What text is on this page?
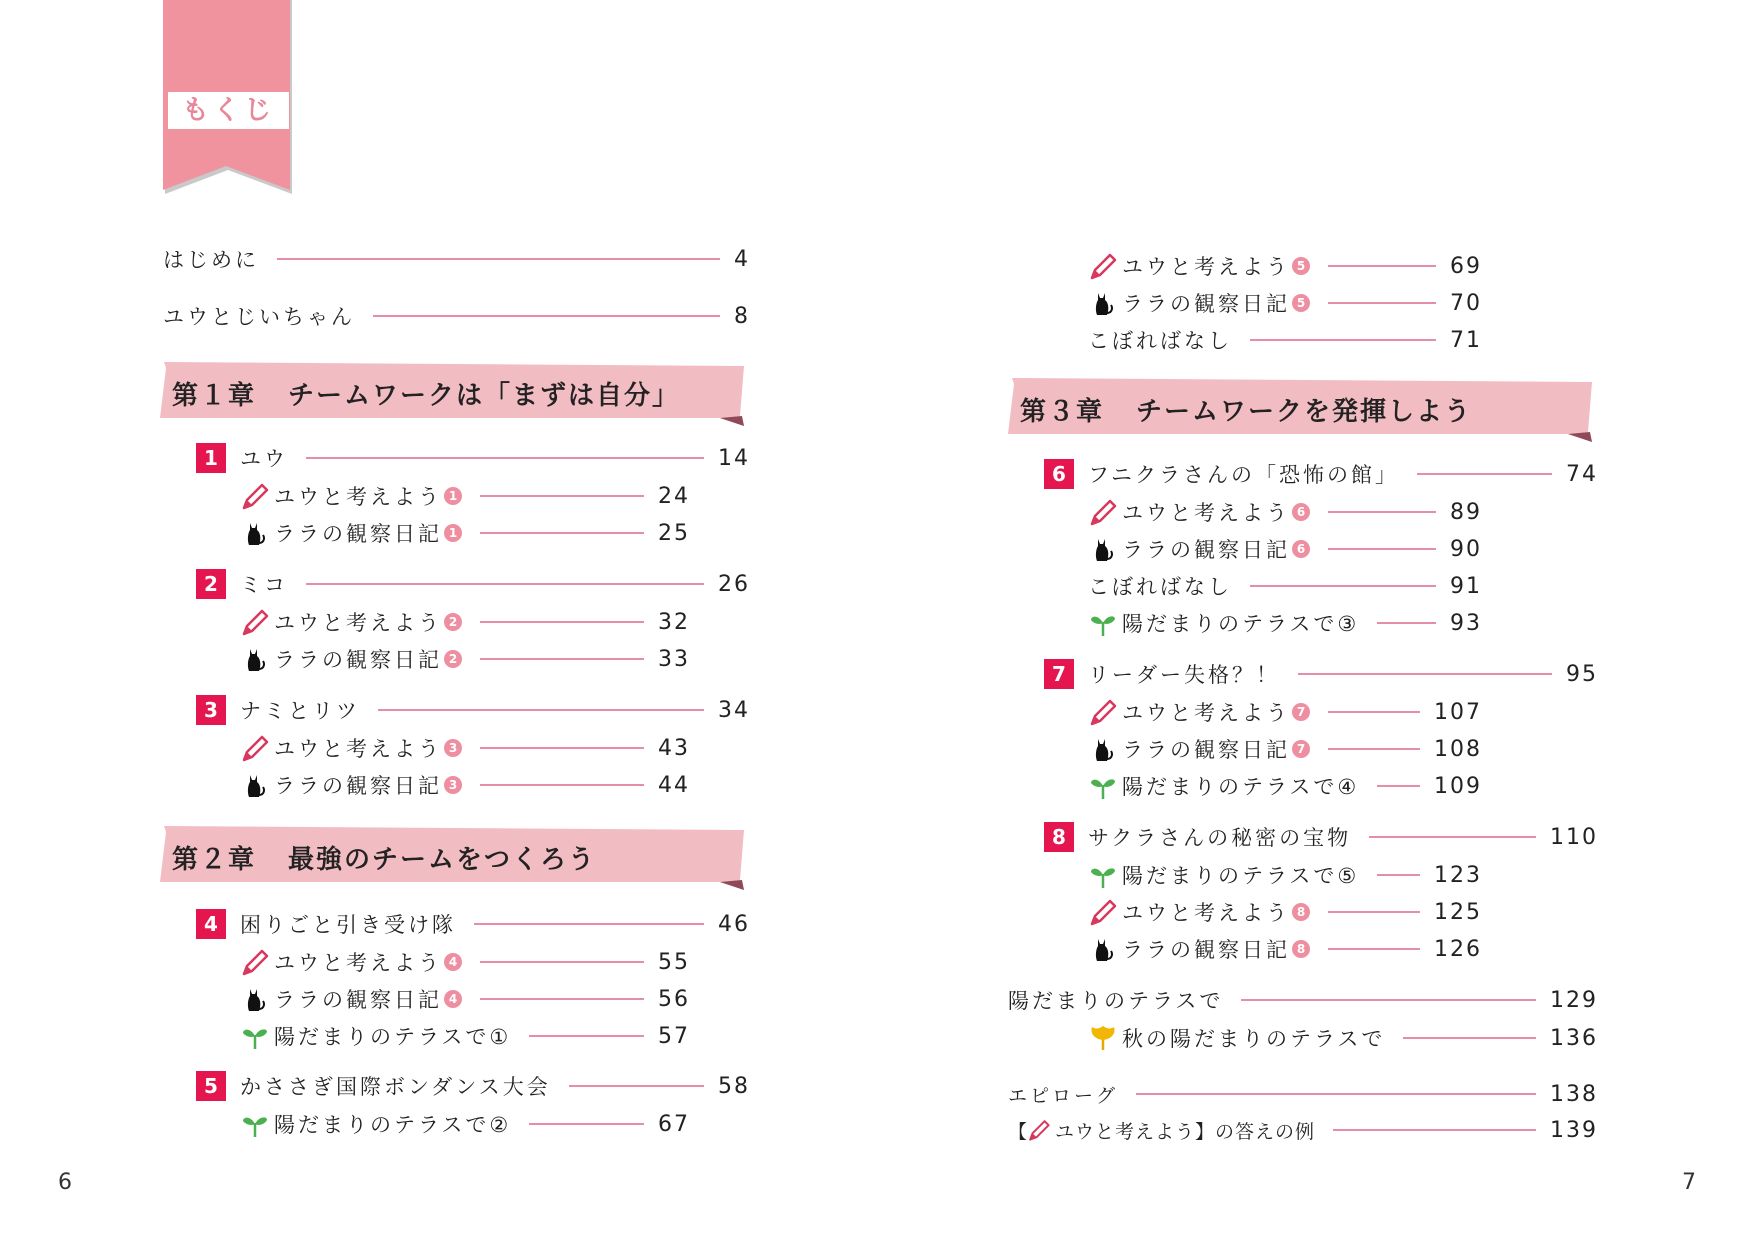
もくじ
はじめに	4
ユウとじいちゃん	8
第１章 チームワークは「まずは自分」
1	ユウ	14
ユウと考えよう 1	24
ララの観察日記 1	25
2	ミコ	26
ユウと考えよう 2	32
ララの観察日記 2	33
3	ナミとリツ	34
ユウと考えよう 3	43
ララの観察日記 3	44
第２章 最強のチームをつくろう
4	困りごと引き受け隊	46
ユウと考えよう 4	55
ララの観察日記 4	56
陽だまりのテラスで①	57
5	かささぎ国際ボンダンス大会	58
陽だまりのテラスで②	67
6
ユウと考えよう 5	69
ララの観察日記 5	70
こぼればなし	71
第３章 チームワークを発揮しよう
6	フニクラさんの「恐怖の館」	74
ユウと考えよう 6	89
ララの観察日記 6	90
こぼればなし	91
陽だまりのテラスで③	93
7	リーダー失格？！	95
ユウと考えよう 7	107
ララの観察日記 7	108
陽だまりのテラスで④	109
8	サクラさんの秘密の宝物	110
陽だまりのテラスで⑤	123
ユウと考えよう 8	125
ララの観察日記 8	126
陽だまりのテラスで	129
秋の陽だまりのテラスで	136
エピローグ	138
【 ユウと考えよう】の答えの例	139
7
